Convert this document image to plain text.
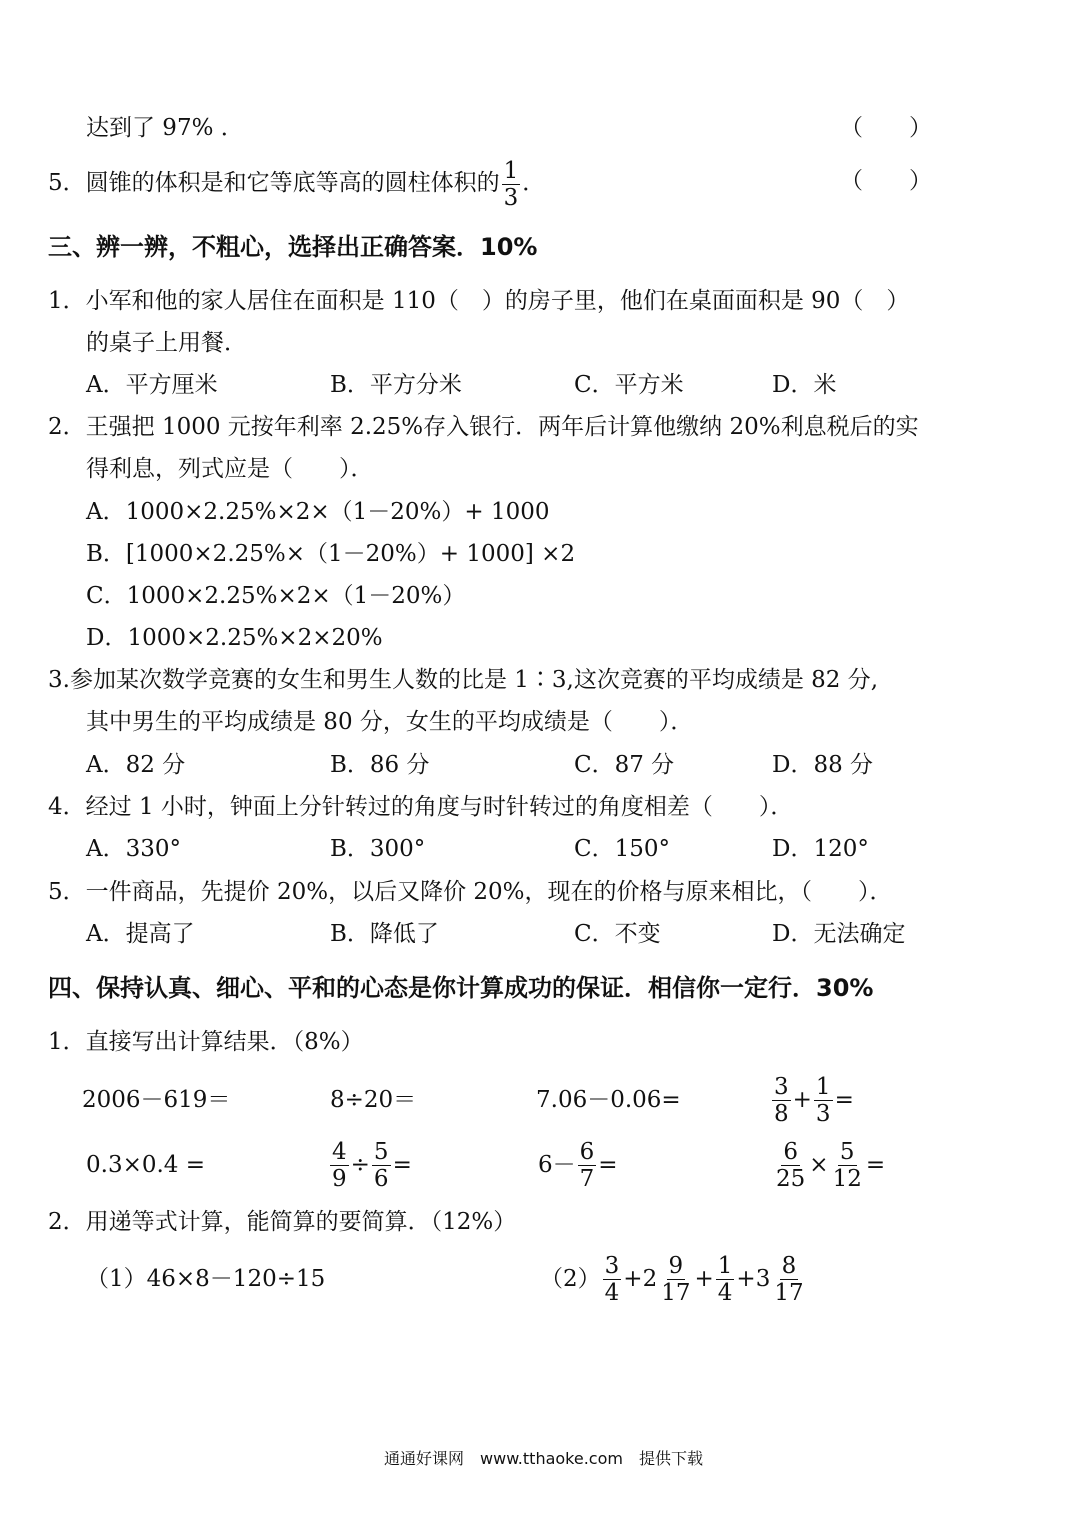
达到了 97% ．	（　　）
5．圆锥的体积是和它等底等高的圆柱体积的 $\frac{1}{3}$ ．	（　　）
三、辨一辨，不粗心，选择出正确答案．10%
1．小军和他的家人居住在面积是 110（　）的房子里，他们在桌面面积是 90（　）
的桌子上用餐．
A．平方厘米	B．平方分米	C．平方米	D．米
2．王强把 1000 元按年利率 2.25%存入银行．两年后计算他缴纳 20%利息税后的实
得利息，列式应是（　　）．
A．1000×2.25%×2×（1－20%）+ 1000
B．[1000×2.25%×（1－20%）+ 1000] ×2
C．1000×2.25%×2×（1－20%）
D．1000×2.25%×2×20%
3.参加某次数学竞赛的女生和男生人数的比是 1∶3,这次竞赛的平均成绩是 82 分,
其中男生的平均成绩是 80 分，女生的平均成绩是（　　）．
A．82 分	B．86 分	C．87 分	D．88 分
4．经过 1 小时，钟面上分针转过的角度与时针转过的角度相差（　　）．
A．330°	B．300°	C．150°	D．120°
5．一件商品，先提价 20%，以后又降价 20%，现在的价格与原来相比，（　　）．
A．提高了	B．降低了	C．不变	D．无法确定
四、保持认真、细心、平和的心态是你计算成功的保证．相信你一定行．30%
1．直接写出计算结果．（8%）
2006－619＝	8÷20＝	7.06－0.06=	$\frac{3}{8} + \frac{1}{3}$ =
0.3×0.4 =	$\frac{4}{9} \div \frac{5}{6}$ =	$6- \frac{6}{7}$ =	$\frac{6}{25} \times \frac{5}{12}$ =
2．用递等式计算，能简算的要简算．（12%）
（1）46×8－120÷15	$(2) \frac{3}{4} + 2 \frac{9}{17} + \frac{1}{4} + 3 \frac{8}{17}$
通通好课网　www.tthaoke.com　提供下载
